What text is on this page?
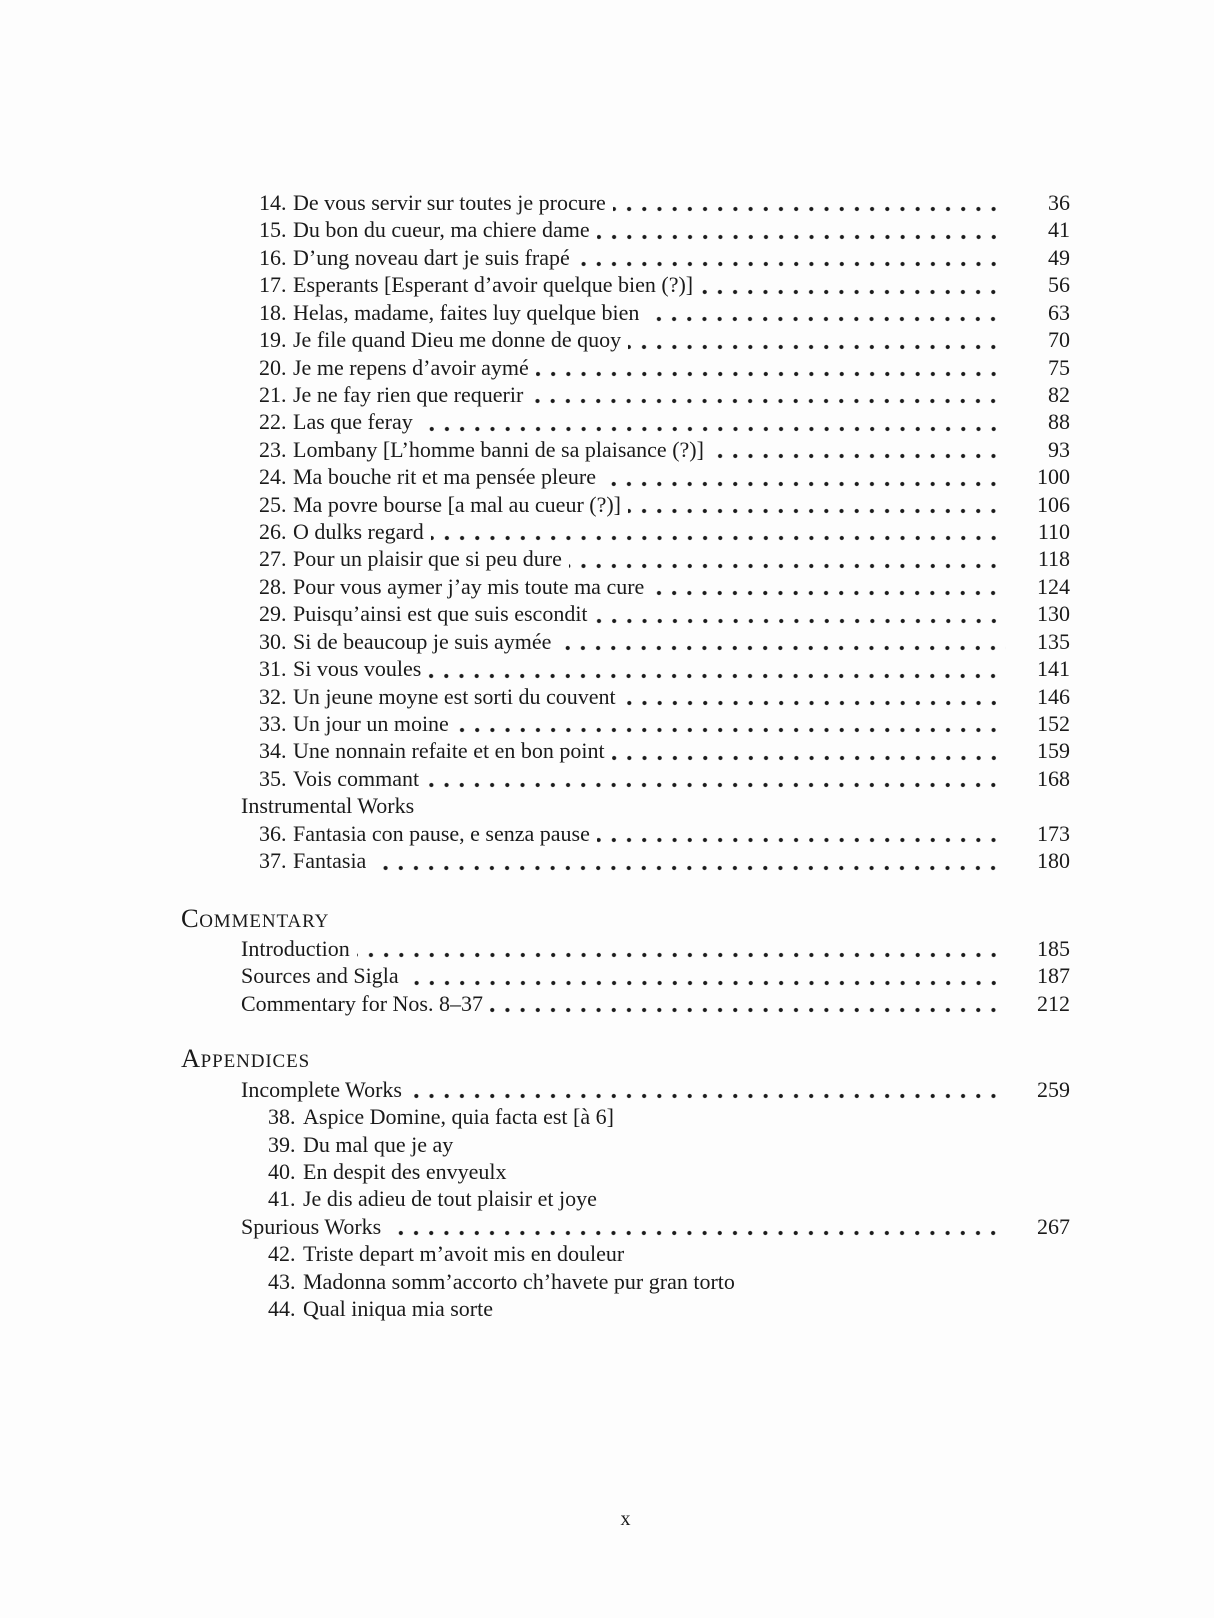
14. De vous servir sur toutes je procure	36
15. Du bon du cueur, ma chiere dame	41
16. D’ung noveau dart je suis frapé	49
17. Esperants [Esperant d’avoir quelque bien (?)]	56
18. Helas, madame, faites luy quelque bien	63
19. Je file quand Dieu me donne de quoy	70
20. Je me repens d’avoir aymé	75
21. Je ne fay rien que requerir	82
22. Las que feray	88
23. Lombany [L’homme banni de sa plaisance (?)]	93
24. Ma bouche rit et ma pensée pleure	100
25. Ma povre bourse [a mal au cueur (?)]	106
26. O dulks regard	110
27. Pour un plaisir que si peu dure	118
28. Pour vous aymer j’ay mis toute ma cure	124
29. Puisqu’ainsi est que suis escondit	130
30. Si de beaucoup je suis aymée	135
31. Si vous voules	141
32. Un jeune moyne est sorti du couvent	146
33. Un jour un moine	152
34. Une nonnain refaite et en bon point	159
35. Vois commant	168
Instrumental Works
36. Fantasia con pause, e senza pause	173
37. Fantasia	180
COMMENTARY
Introduction	185
Sources and Sigla	187
Commentary for Nos. 8–37	212
APPENDICES
Incomplete Works	259
38. Aspice Domine, quia facta est [à 6]
39. Du mal que je ay
40. En despit des envyeulx
41. Je dis adieu de tout plaisir et joye
Spurious Works	267
42. Triste depart m’avoit mis en douleur
43. Madonna somm’accorto ch’havete pur gran torto
44. Qual iniqua mia sorte
x
